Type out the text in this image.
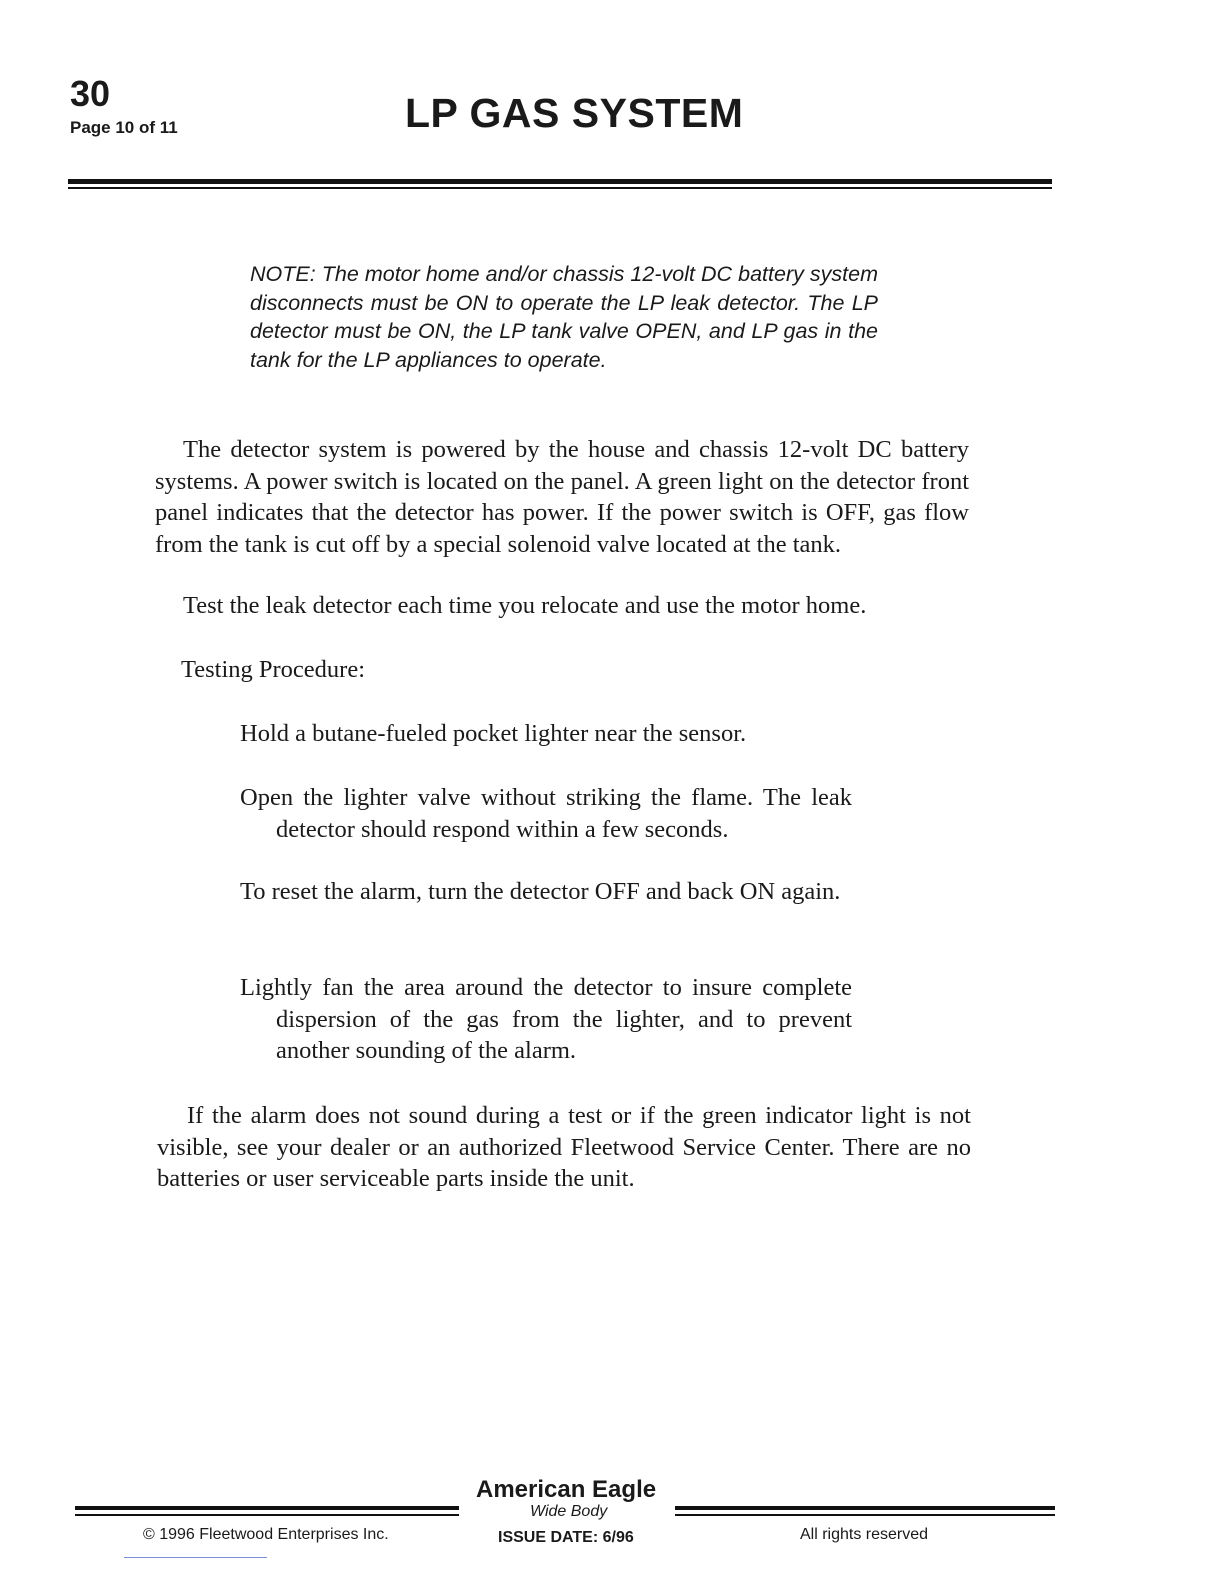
30
Page 10 of 11	LP GAS SYSTEM
NOTE: The motor home and/or chassis 12-volt DC battery system disconnects must be ON to operate the LP leak detector. The LP detector must be ON, the LP tank valve OPEN, and LP gas in the tank for the LP appliances to operate.
The detector system is powered by the house and chassis 12-volt DC battery systems. A power switch is located on the panel. A green light on the detector front panel indicates that the detector has power. If the power switch is OFF, gas flow from the tank is cut off by a special solenoid valve located at the tank.
Test the leak detector each time you relocate and use the motor home.
Testing Procedure:
Hold a butane-fueled pocket lighter near the sensor.
Open the lighter valve without striking the flame. The leak detector should respond within a few seconds.
To reset the alarm, turn the detector OFF and back ON again.
Lightly fan the area around the detector to insure complete dispersion of the gas from the lighter, and to prevent another sounding of the alarm.
If the alarm does not sound during a test or if the green indicator light is not visible, see your dealer or an authorized Fleetwood Service Center. There are no batteries or user serviceable parts inside the unit.
American Eagle
Wide Body
ISSUE DATE: 6/96
© 1996 Fleetwood Enterprises Inc.	All rights reserved
